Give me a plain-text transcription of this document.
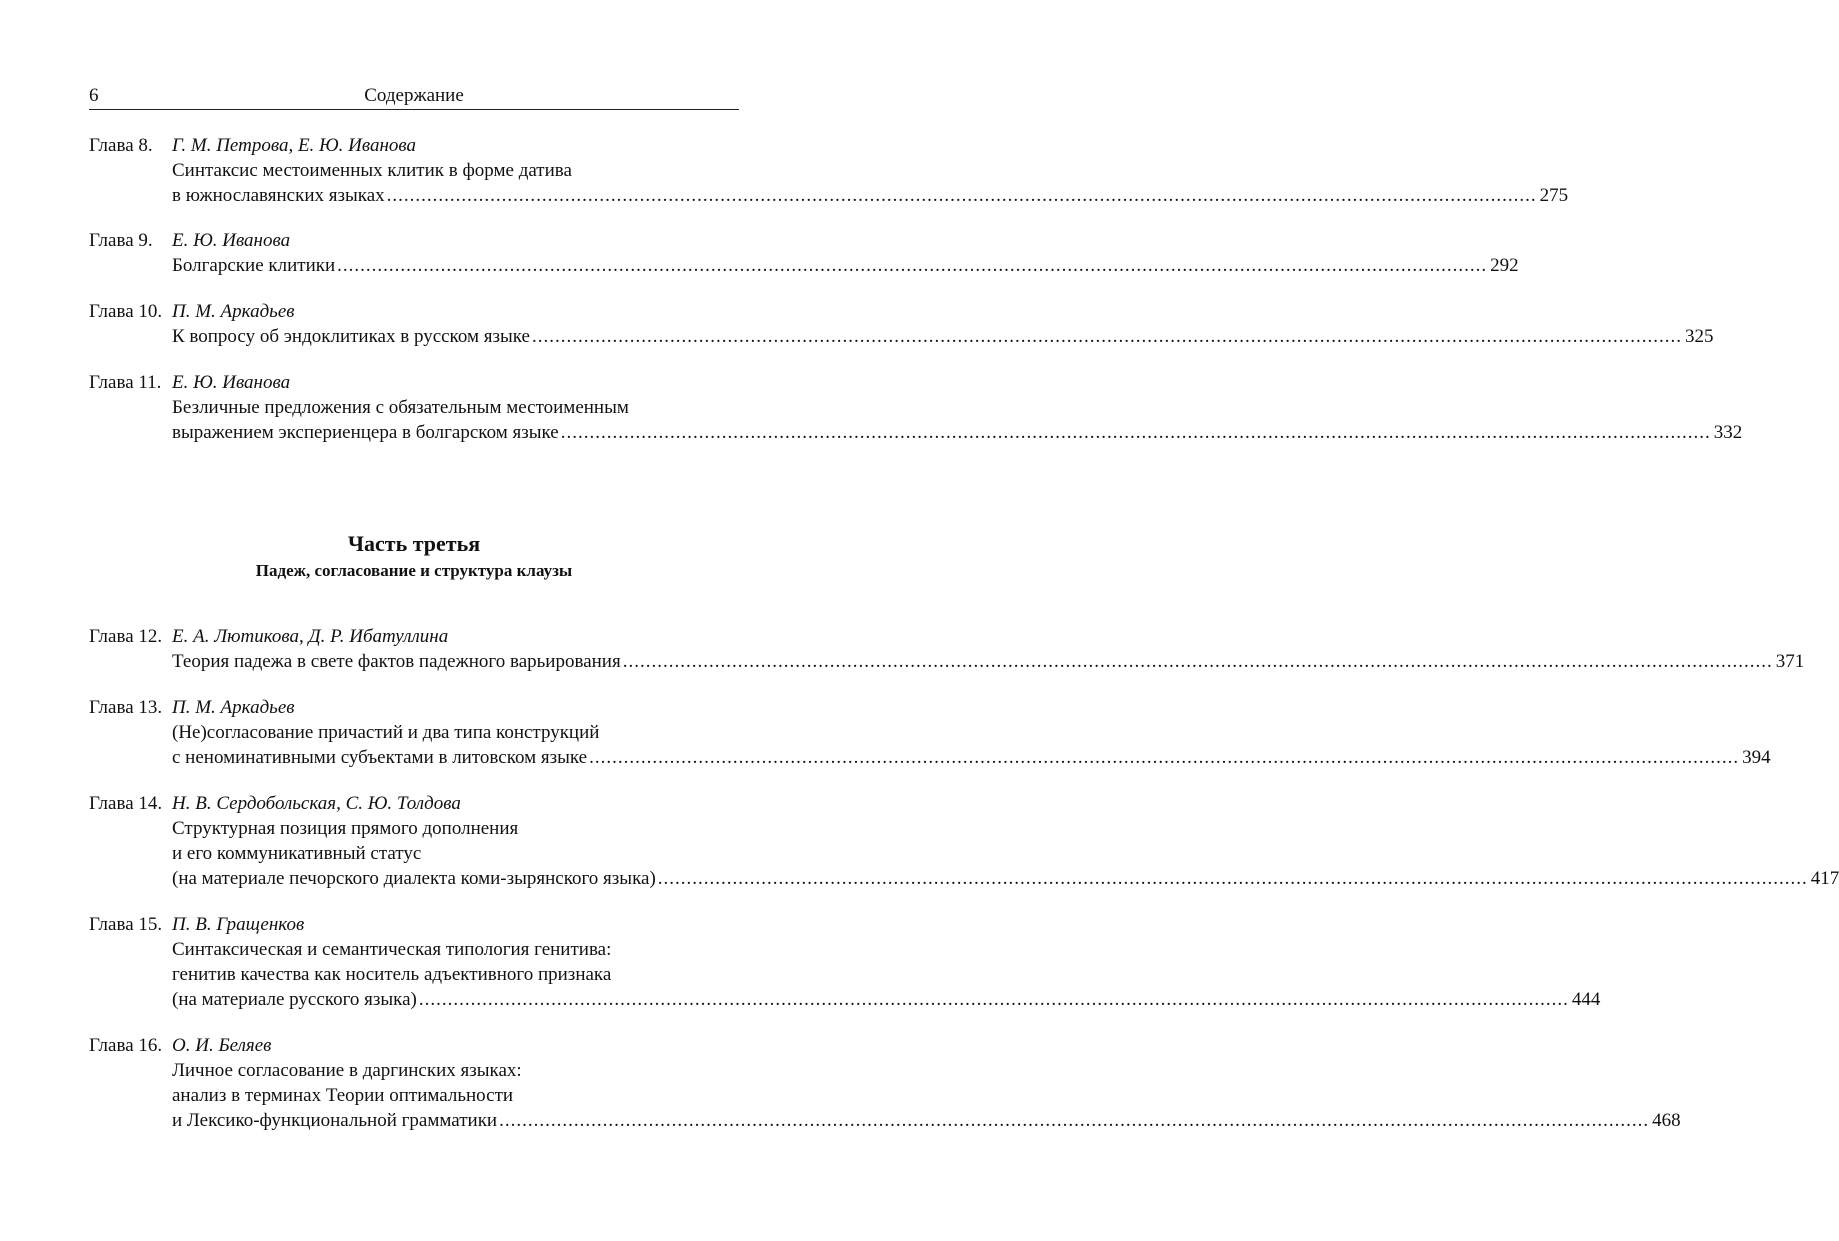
6	Содержание
Глава 8. Г. М. Петрова, Е. Ю. Иванова
Синтаксис местоименных клитик в форме датива
в южнославянских языках ........................................................................................................................................................................................................ 275
Глава 9. Е. Ю. Иванова
Болгарские клитики ........................................................................................................................................................................................................ 292
Глава 10. П. М. Аркадьев
К вопросу об эндоклитиках в русском языке ........................................................................................................................................................................................................ 325
Глава 11. Е. Ю. Иванова
Безличные предложения с обязательным местоименным
выражением экспериенцера в болгарском языке ........................................................................................................................................................................................................ 332
Часть третья
Падеж, согласование и структура клаузы
Глава 12. Е. А. Лютикова, Д. Р. Ибатуллина
Теория падежа в свете фактов падежного варьирования ........................................................................................................................................................................................................ 371
Глава 13. П. М. Аркадьев
(Не)согласование причастий и два типа конструкций
с неноминативными субъектами в литовском языке ........................................................................................................................................................................................................ 394
Глава 14. Н. В. Сердобольская, С. Ю. Толдова
Структурная позиция прямого дополнения
и его коммуникативный статус
(на материале печорского диалекта коми-зырянского языка) ........................................................................................................................................................................................................ 417
Глава 15. П. В. Гращенков
Синтаксическая и семантическая типология генитива:
генитив качества как носитель адъективного признака
(на материале русского языка) ........................................................................................................................................................................................................ 444
Глава 16. О. И. Беляев
Личное согласование в даргинских языках:
анализ в терминах Теории оптимальности
и Лексико-функциональной грамматики ........................................................................................................................................................................................................ 468
